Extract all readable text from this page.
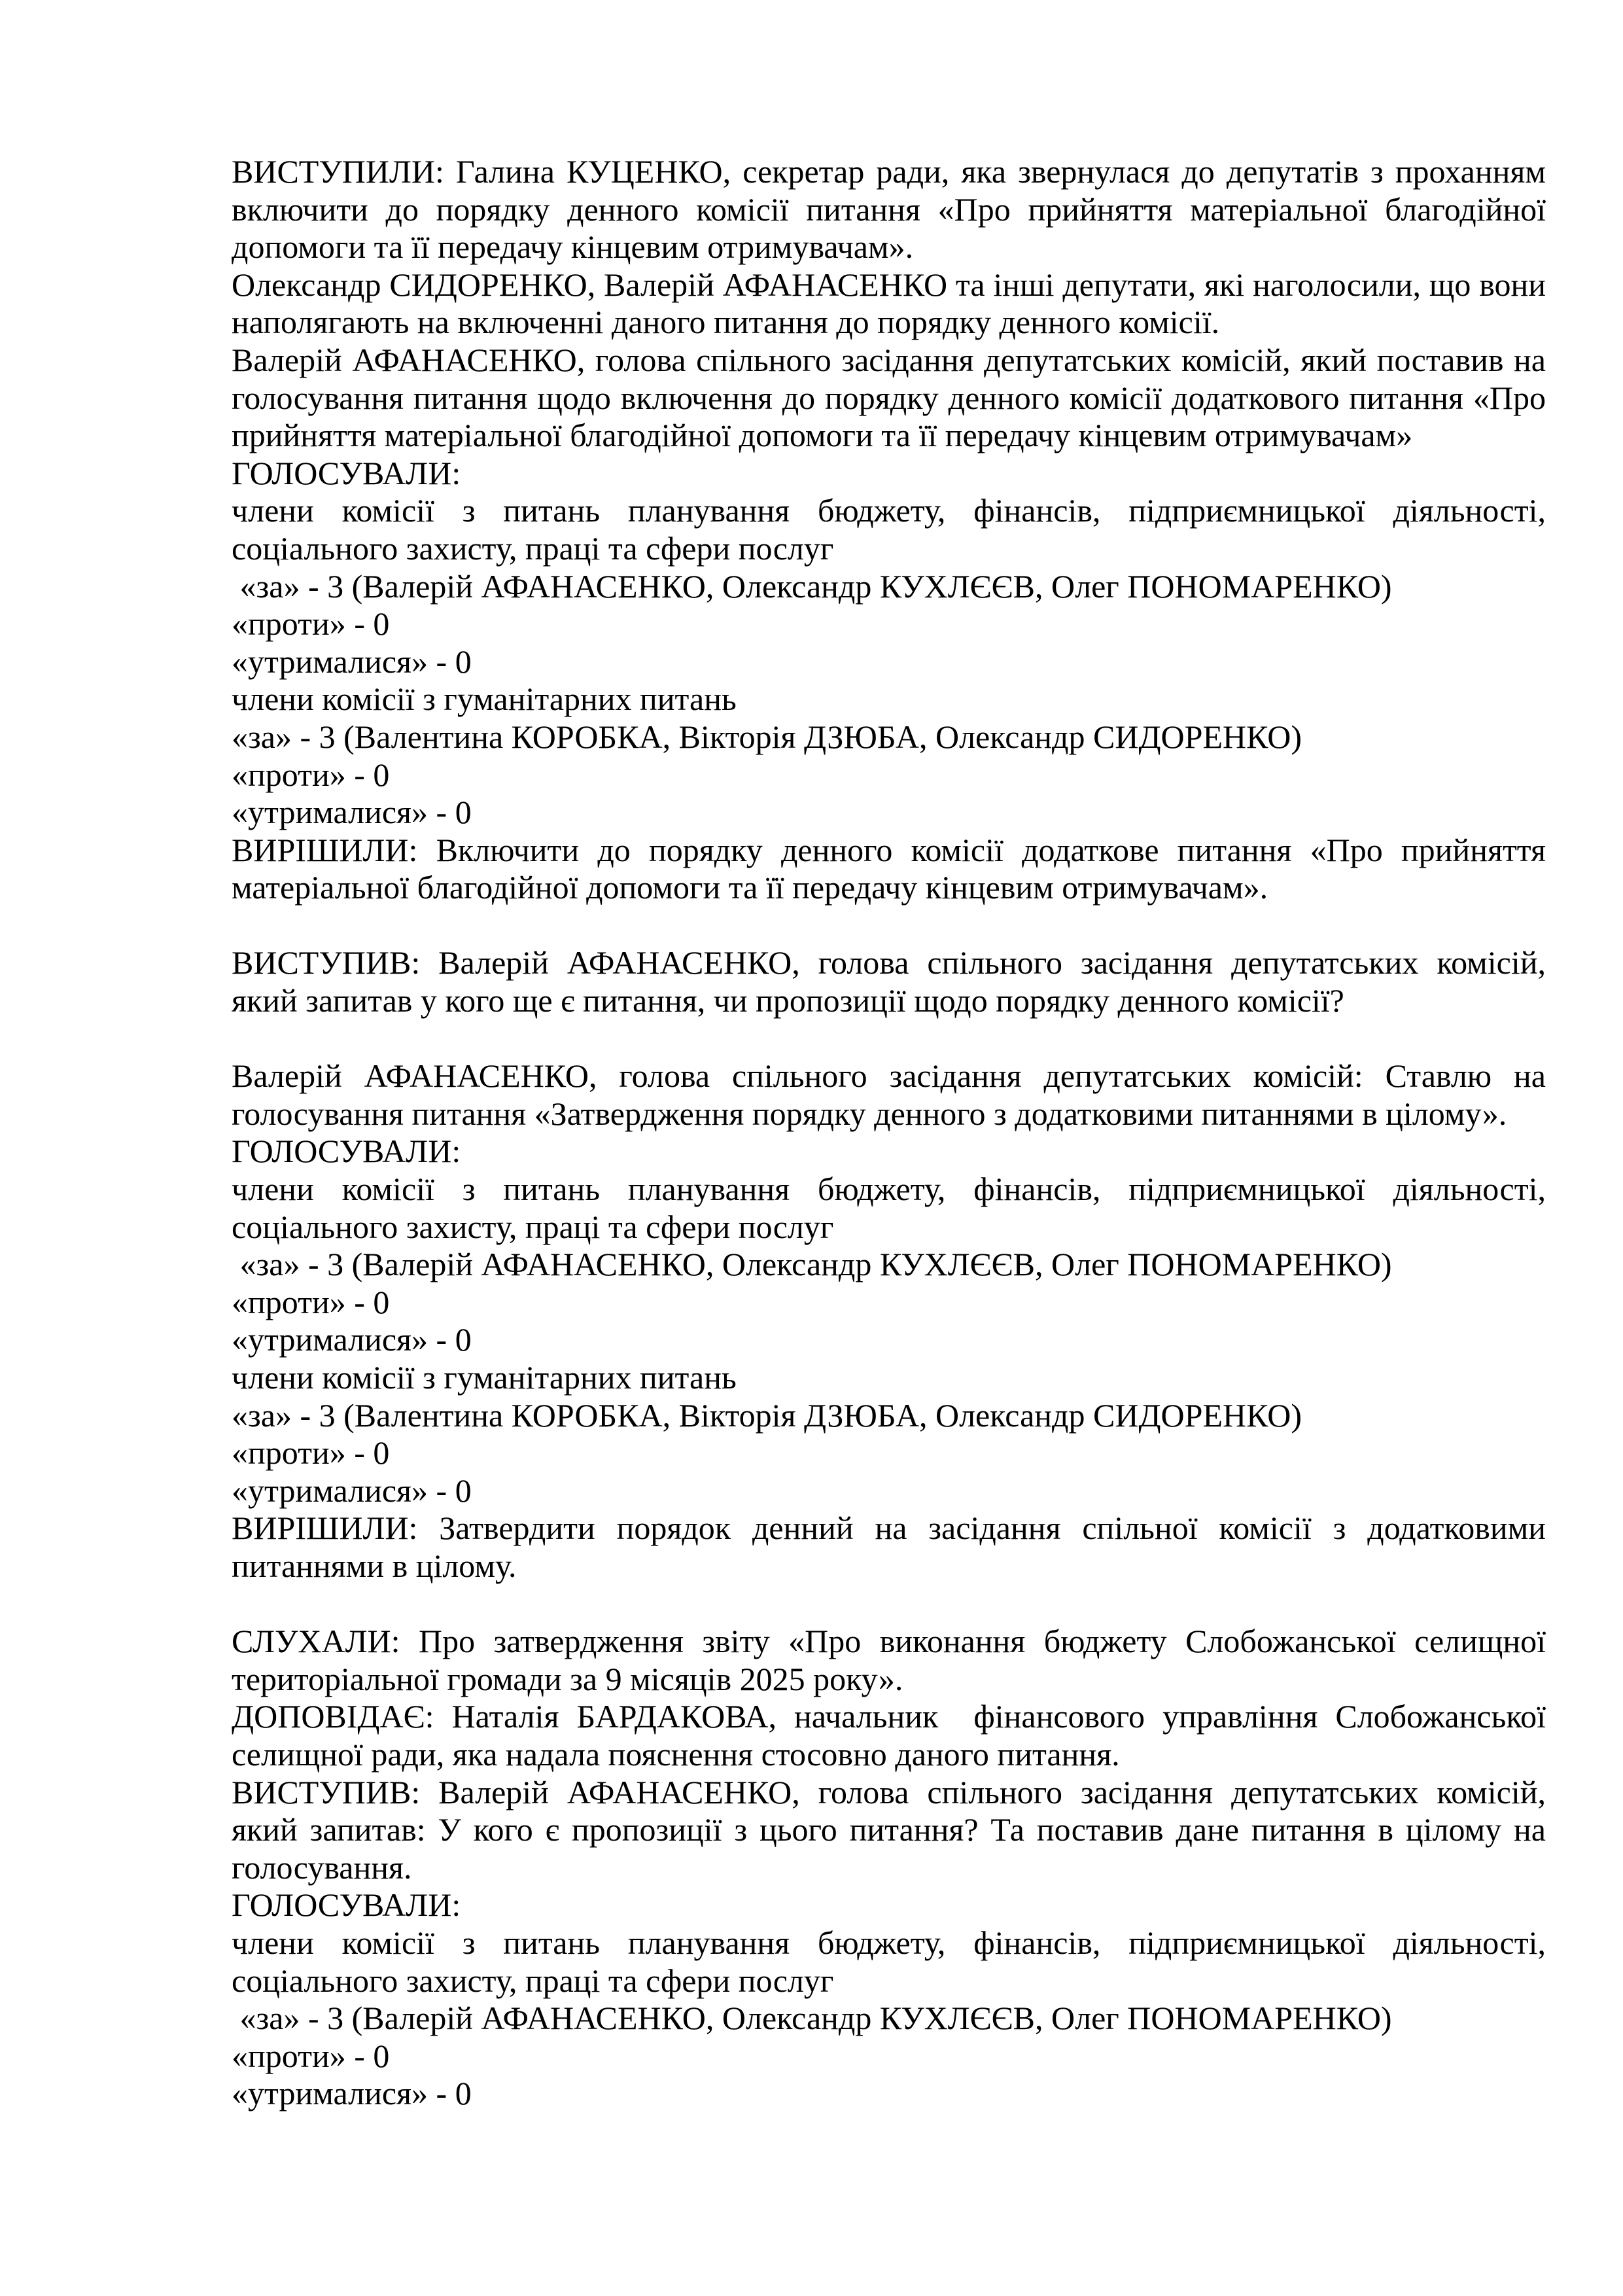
ВИСТУПИЛИ: Галина КУЦЕНКО, секретар ради, яка звернулася до депутатів з проханням включити до порядку денного комісії питання «Про прийняття матеріальної благодійної допомоги та її передачу кінцевим отримувачам».

Олександр СИДОРЕНКО, Валерій АФАНАСЕНКО та інші депутати, які наголосили, що вони наполягають на включенні даного питання до порядку денного комісії.

Валерій АФАНАСЕНКО, голова спільного засідання депутатських комісій, який поставив на голосування питання щодо включення до порядку денного комісії додаткового питання «Про прийняття матеріальної благодійної допомоги та її передачу кінцевим отримувачам»

ГОЛОСУВАЛИ:

члени комісії з питань планування бюджету, фінансів, підприємницької діяльності, соціального захисту, праці та сфери послуг

«за» - 3 (Валерій АФАНАСЕНКО, Олександр КУХЛЄЄВ, Олег ПОНОМАРЕНКО)

«проти» - 0

«утрималися» - 0

члени комісії з гуманітарних питань

«за» - 3 (Валентина КОРОБКА, Вікторія ДЗЮБА, Олександр СИДОРЕНКО)

«проти» - 0

«утрималися» - 0

ВИРІШИЛИ: Включити до порядку денного комісії додаткове питання «Про прийняття матеріальної благодійної допомоги та її передачу кінцевим отримувачам».

ВИСТУПИВ: Валерій АФАНАСЕНКО, голова спільного засідання депутатських комісій, який запитав у кого ще є питання, чи пропозиції щодо порядку денного комісії?

Валерій АФАНАСЕНКО, голова спільного засідання депутатських комісій: Ставлю на голосування питання «Затвердження порядку денного з додатковими питаннями в цілому».

ГОЛОСУВАЛИ:

члени комісії з питань планування бюджету, фінансів, підприємницької діяльності, соціального захисту, праці та сфери послуг

«за» - 3 (Валерій АФАНАСЕНКО, Олександр КУХЛЄЄВ, Олег ПОНОМАРЕНКО)

«проти» - 0

«утрималися» - 0

члени комісії з гуманітарних питань

«за» - 3 (Валентина КОРОБКА, Вікторія ДЗЮБА, Олександр СИДОРЕНКО)

«проти» - 0

«утрималися» - 0

ВИРІШИЛИ: Затвердити порядок денний на засідання спільної комісії з додатковими питаннями в цілому.

СЛУХАЛИ: Про затвердження звіту «Про виконання бюджету Слобожанської селищної територіальної громади за 9 місяців 2025 року».

ДОПОВІДАЄ: Наталія БАРДАКОВА, начальник  фінансового управління Слобожанської селищної ради, яка надала пояснення стосовно даного питання.

ВИСТУПИВ: Валерій АФАНАСЕНКО, голова спільного засідання депутатських комісій, який запитав: У кого є пропозиції з цього питання? Та поставив дане питання в цілому на голосування.

ГОЛОСУВАЛИ:

члени комісії з питань планування бюджету, фінансів, підприємницької діяльності, соціального захисту, праці та сфери послуг

«за» - 3 (Валерій АФАНАСЕНКО, Олександр КУХЛЄЄВ, Олег ПОНОМАРЕНКО)

«проти» - 0

«утрималися» - 0
